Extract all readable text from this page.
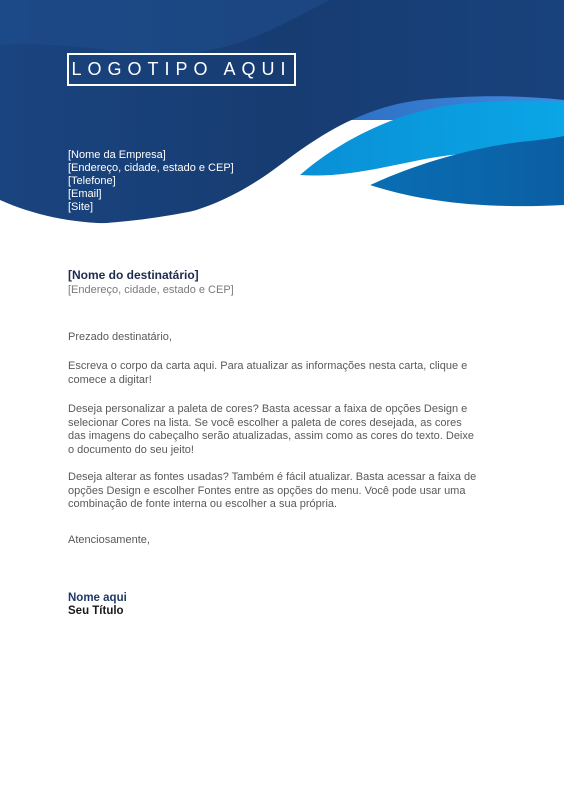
LOGOTIPO AQUI
[Nome da Empresa]
[Endereço, cidade, estado e CEP]
[Telefone]
[Email]
[Site]
[Nome do destinatário]
[Endereço, cidade, estado e CEP]
Prezado destinatário,
Escreva o corpo da carta aqui. Para atualizar as informações nesta carta, clique e comece a digitar!
Deseja personalizar a paleta de cores? Basta acessar a faixa de opções Design e selecionar Cores na lista. Se você escolher a paleta de cores desejada, as cores das imagens do cabeçalho serão atualizadas, assim como as cores do texto. Deixe o documento do seu jeito!
Deseja alterar as fontes usadas? Também é fácil atualizar. Basta acessar a faixa de opções Design e escolher Fontes entre as opções do menu. Você pode usar uma combinação de fonte interna ou escolher a sua própria.
Atenciosamente,
Nome aqui
Seu Título
